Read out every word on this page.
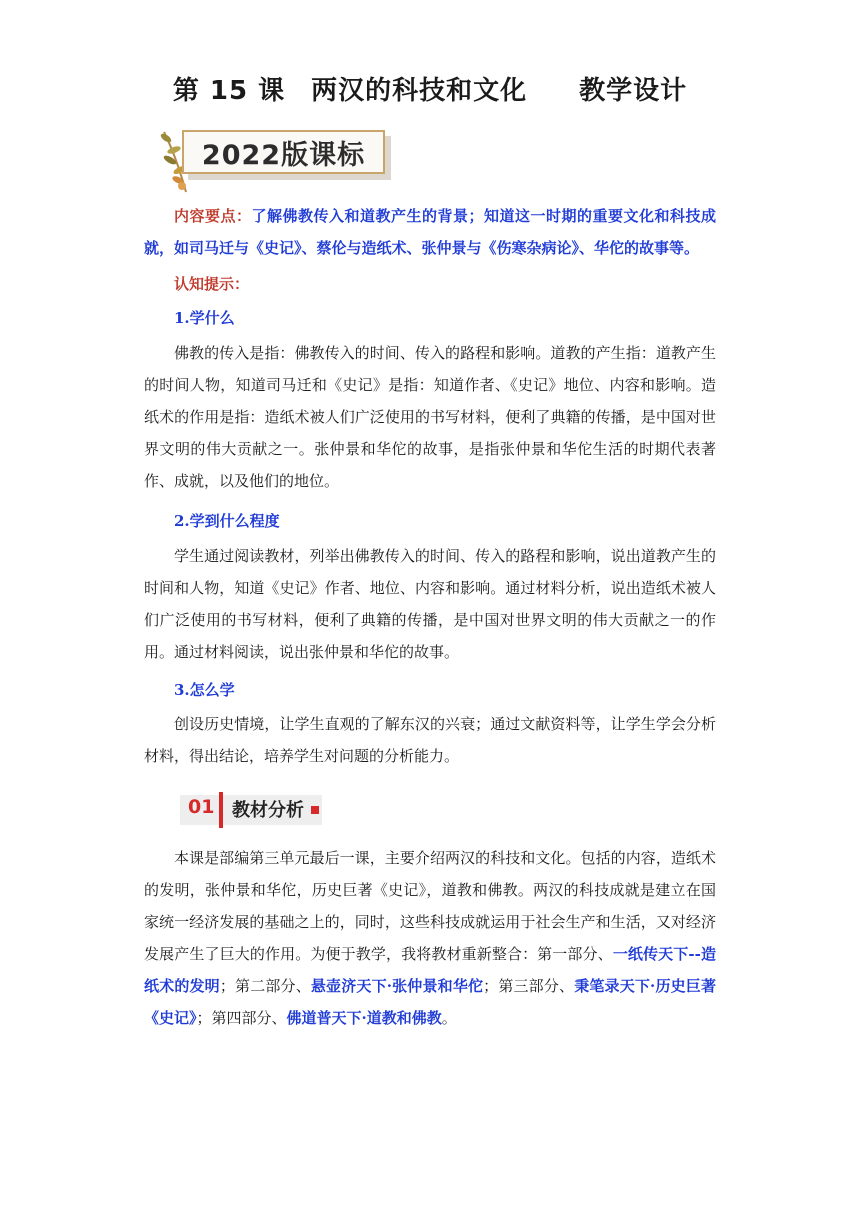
第 15 课 两汉的科技和文化 教学设计
2022版课标
内容要点：了解佛教传入和道教产生的背景；知道这一时期的重要文化和科技成就，如司马迁与《史记》、蔡伦与造纸术、张仲景与《伤寒杂病论》、华佗的故事等。
认知提示：
1.学什么
佛教的传入是指：佛教传入的时间、传入的路程和影响。道教的产生指：道教产生的时间人物，知道司马迁和《史记》是指：知道作者、《史记》地位、内容和影响。造纸术的作用是指：造纸术被人们广泛使用的书写材料，便利了典籍的传播，是中国对世界文明的伟大贡献之一。张仲景和华佗的故事，是指张仲景和华佗生活的时期代表著作、成就，以及他们的地位。
2.学到什么程度
学生通过阅读教材，列举出佛教传入的时间、传入的路程和影响，说出道教产生的时间和人物，知道《史记》作者、地位、内容和影响。通过材料分析，说出造纸术被人们广泛使用的书写材料，便利了典籍的传播，是中国对世界文明的伟大贡献之一的作用。通过材料阅读，说出张仲景和华佗的故事。
3.怎么学
创设历史情境，让学生直观的了解东汉的兴衰；通过文献资料等，让学生学会分析材料，得出结论，培养学生对问题的分析能力。
01 教材分析
本课是部编第三单元最后一课，主要介绍两汉的科技和文化。包括的内容，造纸术的发明，张仲景和华佗，历史巨著《史记》，道教和佛教。两汉的科技成就是建立在国家统一经济发展的基础之上的，同时，这些科技成就运用于社会生产和生活，又对经济发展产生了巨大的作用。为便于教学，我将教材重新整合：第一部分、一纸传天下--造纸术的发明；第二部分、悬壶济天下·张仲景和华佗；第三部分、秉笔录天下·历史巨著《史记》；第四部分、佛道普天下·道教和佛教。
